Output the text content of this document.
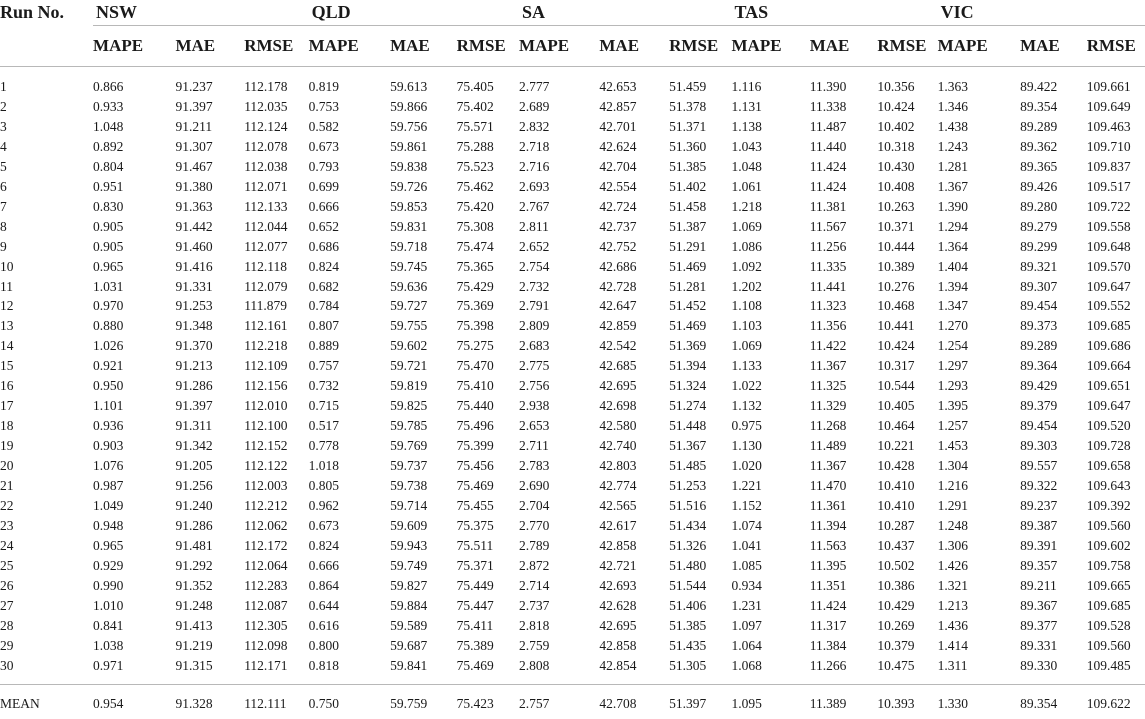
Run No.	NSW			QLD			SA			TAS			VIC		
	MAPE	MAE	RMSE	MAPE	MAE	RMSE	MAPE	MAE	RMSE	MAPE	MAE	RMSE	MAPE	MAE	RMSE

1	0.866	91.237	112.178	0.819	59.613	75.405	2.777	42.653	51.459	1.116	11.390	10.356	1.363	89.422	109.661
2	0.933	91.397	112.035	0.753	59.866	75.402	2.689	42.857	51.378	1.131	11.338	10.424	1.346	89.354	109.649
3	1.048	91.211	112.124	0.582	59.756	75.571	2.832	42.701	51.371	1.138	11.487	10.402	1.438	89.289	109.463
4	0.892	91.307	112.078	0.673	59.861	75.288	2.718	42.624	51.360	1.043	11.440	10.318	1.243	89.362	109.710
5	0.804	91.467	112.038	0.793	59.838	75.523	2.716	42.704	51.385	1.048	11.424	10.430	1.281	89.365	109.837
6	0.951	91.380	112.071	0.699	59.726	75.462	2.693	42.554	51.402	1.061	11.424	10.408	1.367	89.426	109.517
7	0.830	91.363	112.133	0.666	59.853	75.420	2.767	42.724	51.458	1.218	11.381	10.263	1.390	89.280	109.722
8	0.905	91.442	112.044	0.652	59.831	75.308	2.811	42.737	51.387	1.069	11.567	10.371	1.294	89.279	109.558
9	0.905	91.460	112.077	0.686	59.718	75.474	2.652	42.752	51.291	1.086	11.256	10.444	1.364	89.299	109.648
10	0.965	91.416	112.118	0.824	59.745	75.365	2.754	42.686	51.469	1.092	11.335	10.389	1.404	89.321	109.570
11	1.031	91.331	112.079	0.682	59.636	75.429	2.732	42.728	51.281	1.202	11.441	10.276	1.394	89.307	109.647
12	0.970	91.253	111.879	0.784	59.727	75.369	2.791	42.647	51.452	1.108	11.323	10.468	1.347	89.454	109.552
13	0.880	91.348	112.161	0.807	59.755	75.398	2.809	42.859	51.469	1.103	11.356	10.441	1.270	89.373	109.685
14	1.026	91.370	112.218	0.889	59.602	75.275	2.683	42.542	51.369	1.069	11.422	10.424	1.254	89.289	109.686
15	0.921	91.213	112.109	0.757	59.721	75.470	2.775	42.685	51.394	1.133	11.367	10.317	1.297	89.364	109.664
16	0.950	91.286	112.156	0.732	59.819	75.410	2.756	42.695	51.324	1.022	11.325	10.544	1.293	89.429	109.651
17	1.101	91.397	112.010	0.715	59.825	75.440	2.938	42.698	51.274	1.132	11.329	10.405	1.395	89.379	109.647
18	0.936	91.311	112.100	0.517	59.785	75.496	2.653	42.580	51.448	0.975	11.268	10.464	1.257	89.454	109.520
19	0.903	91.342	112.152	0.778	59.769	75.399	2.711	42.740	51.367	1.130	11.489	10.221	1.453	89.303	109.728
20	1.076	91.205	112.122	1.018	59.737	75.456	2.783	42.803	51.485	1.020	11.367	10.428	1.304	89.557	109.658
21	0.987	91.256	112.003	0.805	59.738	75.469	2.690	42.774	51.253	1.221	11.470	10.410	1.216	89.322	109.643
22	1.049	91.240	112.212	0.962	59.714	75.455	2.704	42.565	51.516	1.152	11.361	10.410	1.291	89.237	109.392
23	0.948	91.286	112.062	0.673	59.609	75.375	2.770	42.617	51.434	1.074	11.394	10.287	1.248	89.387	109.560
24	0.965	91.481	112.172	0.824	59.943	75.511	2.789	42.858	51.326	1.041	11.563	10.437	1.306	89.391	109.602
25	0.929	91.292	112.064	0.666	59.749	75.371	2.872	42.721	51.480	1.085	11.395	10.502	1.426	89.357	109.758
26	0.990	91.352	112.283	0.864	59.827	75.449	2.714	42.693	51.544	0.934	11.351	10.386	1.321	89.211	109.665
27	1.010	91.248	112.087	0.644	59.884	75.447	2.737	42.628	51.406	1.231	11.424	10.429	1.213	89.367	109.685
28	0.841	91.413	112.305	0.616	59.589	75.411	2.818	42.695	51.385	1.097	11.317	10.269	1.436	89.377	109.528
29	1.038	91.219	112.098	0.800	59.687	75.389	2.759	42.858	51.435	1.064	11.384	10.379	1.414	89.331	109.560
30	0.971	91.315	112.171	0.818	59.841	75.469	2.808	42.854	51.305	1.068	11.266	10.475	1.311	89.330	109.485

MEAN	0.954	91.328	112.111	0.750	59.759	75.423	2.757	42.708	51.397	1.095	11.389	10.393	1.330	89.354	109.622
